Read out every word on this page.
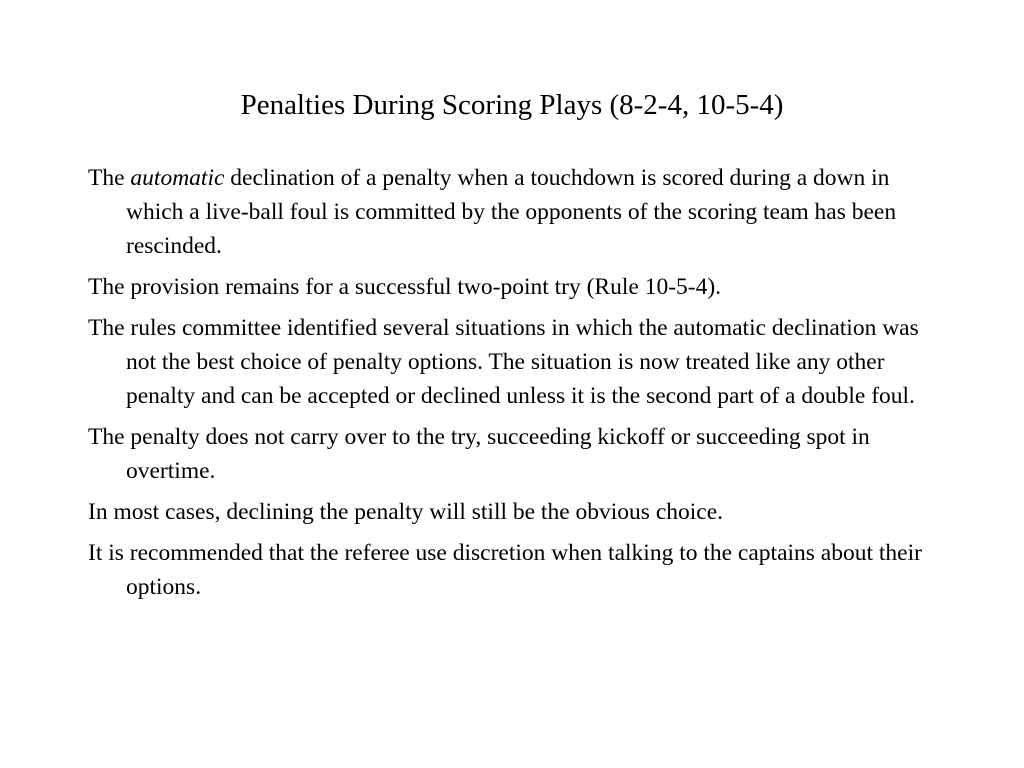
Penalties During Scoring Plays (8-2-4, 10-5-4)

The automatic declination of a penalty when a touchdown is scored during a down in which a live-ball foul is committed by the opponents of the scoring team has been rescinded.

The provision remains for a successful two-point try (Rule 10-5-4).

The rules committee identified several situations in which the automatic declination was not the best choice of penalty options. The situation is now treated like any other penalty and can be accepted or declined unless it is the second part of a double foul.

The penalty does not carry over to the try, succeeding kickoff or succeeding spot in overtime.

In most cases, declining the penalty will still be the obvious choice.

It is recommended that the referee use discretion when talking to the captains about their options.
